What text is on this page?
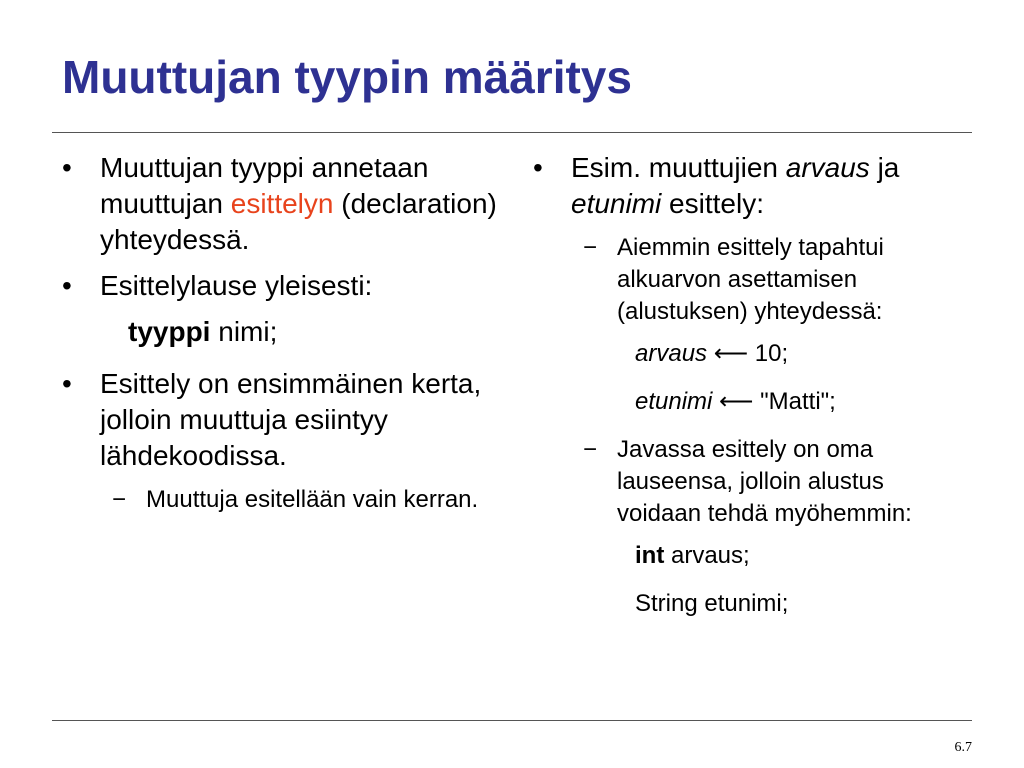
Muuttujan tyypin määritys
• Muuttujan tyyppi annetaan muuttujan esittelyn (declaration) yhteydessä.
• Esittelylause yleisesti:
tyyppi nimi;
• Esittely on ensimmäinen kerta, jolloin muuttuja esiintyy lähdekoodissa.
− Muuttuja esitellään vain kerran.
• Esim. muuttujien arvaus ja etunimi esittely:
− Aiemmin esittely tapahtui alkuarvon asettamisen (alustuksen) yhteydessä:
arvaus ⟵ 10;
etunimi ⟵ "Matti";
− Javassa esittely on oma lauseensa, jolloin alustus voidaan tehdä myöhemmin:
int arvaus;
String etunimi;
6.7
